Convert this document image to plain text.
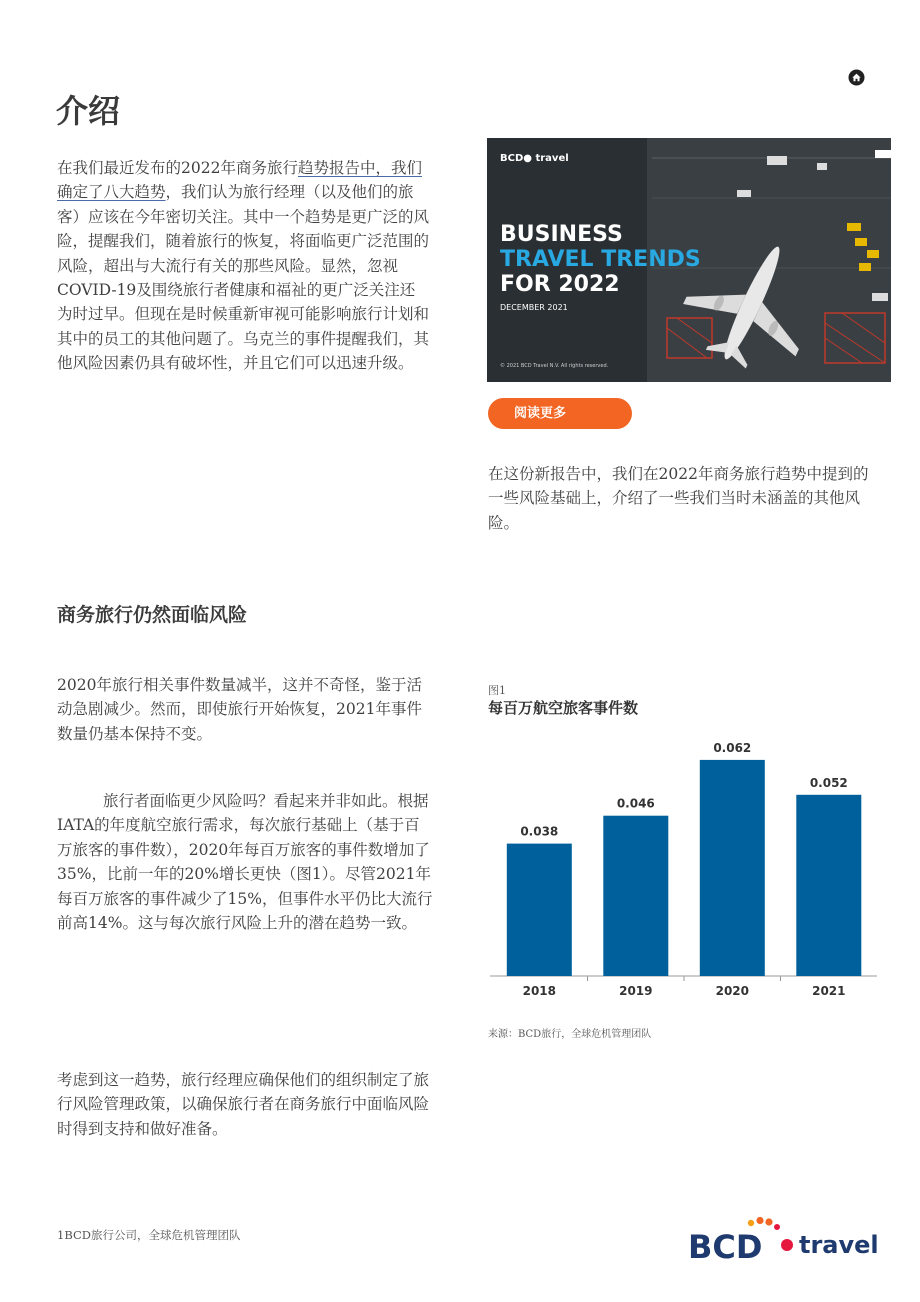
介绍
在我们最近发布的2022年商务旅行趋势报告中，我们确定了八大趋势，我们认为旅行经理（以及他们的旅客）应该在今年密切关注。其中一个趋势是更广泛的风险，提醒我们，随着旅行的恢复，将面临更广泛范围的风险，超出与大流行有关的那些风险。显然，忽视COVID-19及围绕旅行者健康和福祉的更广泛关注还为时过早。但现在是时候重新审视可能影响旅行计划和其中的员工的其他问题了。乌克兰的事件提醒我们，其他风险因素仍具有破坏性，并且它们可以迅速升级。
BCD● travel
BUSINESS
TRAVEL TRENDS
FOR 2022
DECEMBER 2021
© 2021 BCD Travel N.V. All rights reserved.
阅读更多
在这份新报告中，我们在2022年商务旅行趋势中提到的一些风险基础上，介绍了一些我们当时未涵盖的其他风险。
商务旅行仍然面临风险
2020年旅行相关事件数量减半，这并不奇怪，鉴于活动急剧减少。然而，即使旅行开始恢复，2021年事件数量仍基本保持不变。
旅行者面临更少风险吗？看起来并非如此。根据IATA的年度航空旅行需求，每次旅行基础上（基于百万旅客的事件数），2020年每百万旅客的事件数增加了35%，比前一年的20%增长更快（图1）。尽管2021年每百万旅客的事件减少了15%，但事件水平仍比大流行前高14%。这与每次旅行风险上升的潜在趋势一致。
考虑到这一趋势，旅行经理应确保他们的组织制定了旅行风险管理政策，以确保旅行者在商务旅行中面临风险时得到支持和做好准备。
图1
每百万航空旅客事件数
0.038
0.046
0.062
0.052
2018	2019	2020	2021
来源：BCD旅行，全球危机管理团队
1BCD旅行公司，全球危机管理团队	BCD travel
